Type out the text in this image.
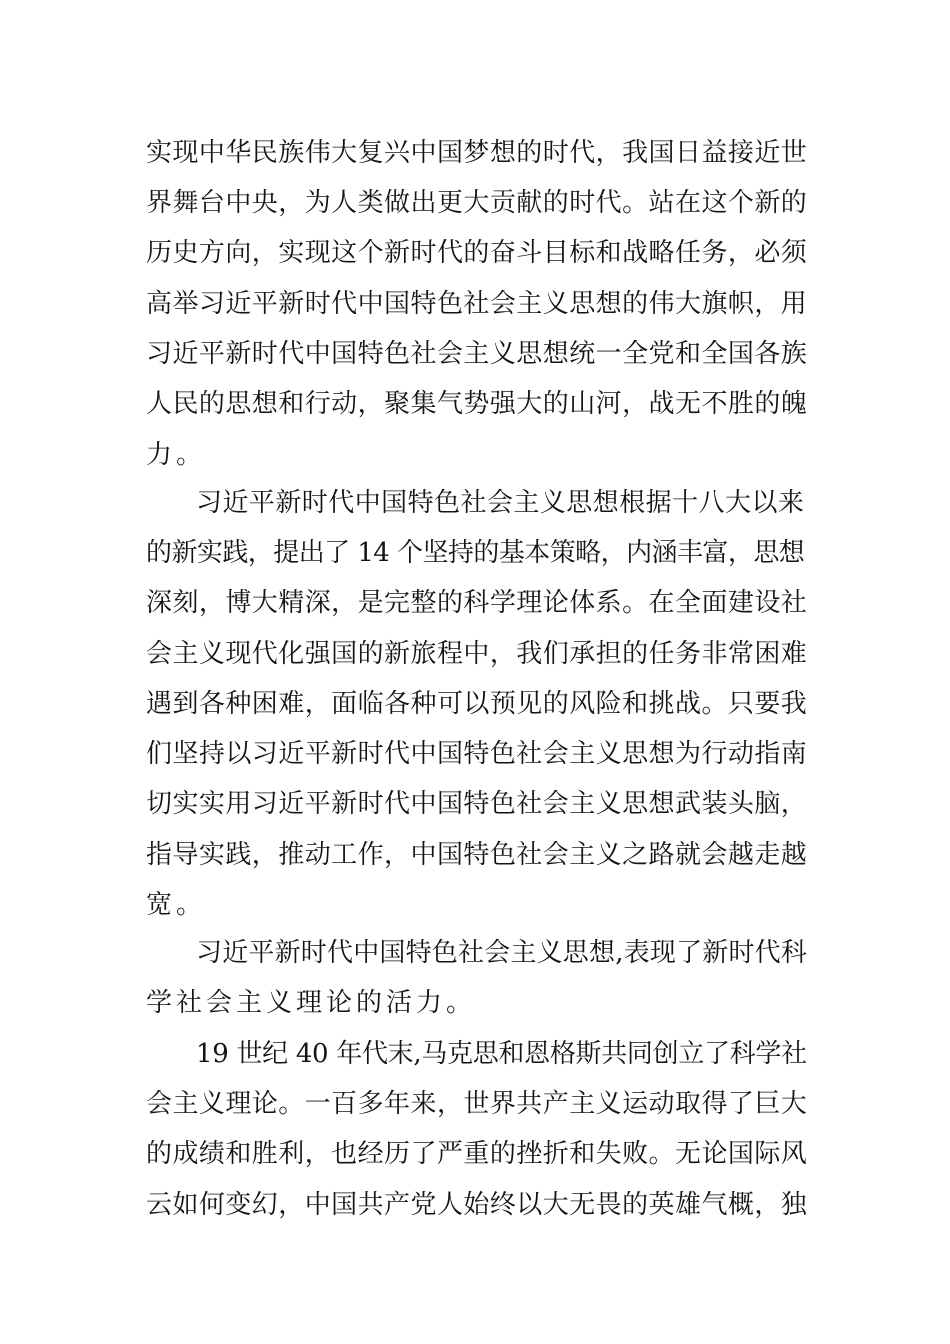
实现中华民族伟大复兴中国梦想的时代，我国日益接近世
界舞台中央，为人类做出更大贡献的时代。站在这个新的
历史方向，实现这个新时代的奋斗目标和战略任务，必须
高举习近平新时代中国特色社会主义思想的伟大旗帜，用
习近平新时代中国特色社会主义思想统一全党和全国各族
人民的思想和行动，聚集气势强大的山河，战无不胜的魄
力。
习近平新时代中国特色社会主义思想根据十八大以来
的新实践，提出了 14 个坚持的基本策略，内涵丰富，思想
深刻，博大精深，是完整的科学理论体系。在全面建设社
会主义现代化强国的新旅程中，我们承担的任务非常困难
遇到各种困难，面临各种可以预见的风险和挑战。只要我
们坚持以习近平新时代中国特色社会主义思想为行动指南
切实实用习近平新时代中国特色社会主义思想武装头脑，
指导实践，推动工作，中国特色社会主义之路就会越走越
宽。
习近平新时代中国特色社会主义思想,表现了新时代科
学社会主义理论的活力。
19 世纪 40 年代末,马克思和恩格斯共同创立了科学社
会主义理论。一百多年来，世界共产主义运动取得了巨大
的成绩和胜利，也经历了严重的挫折和失败。无论国际风
云如何变幻，中国共产党人始终以大无畏的英雄气概，独
